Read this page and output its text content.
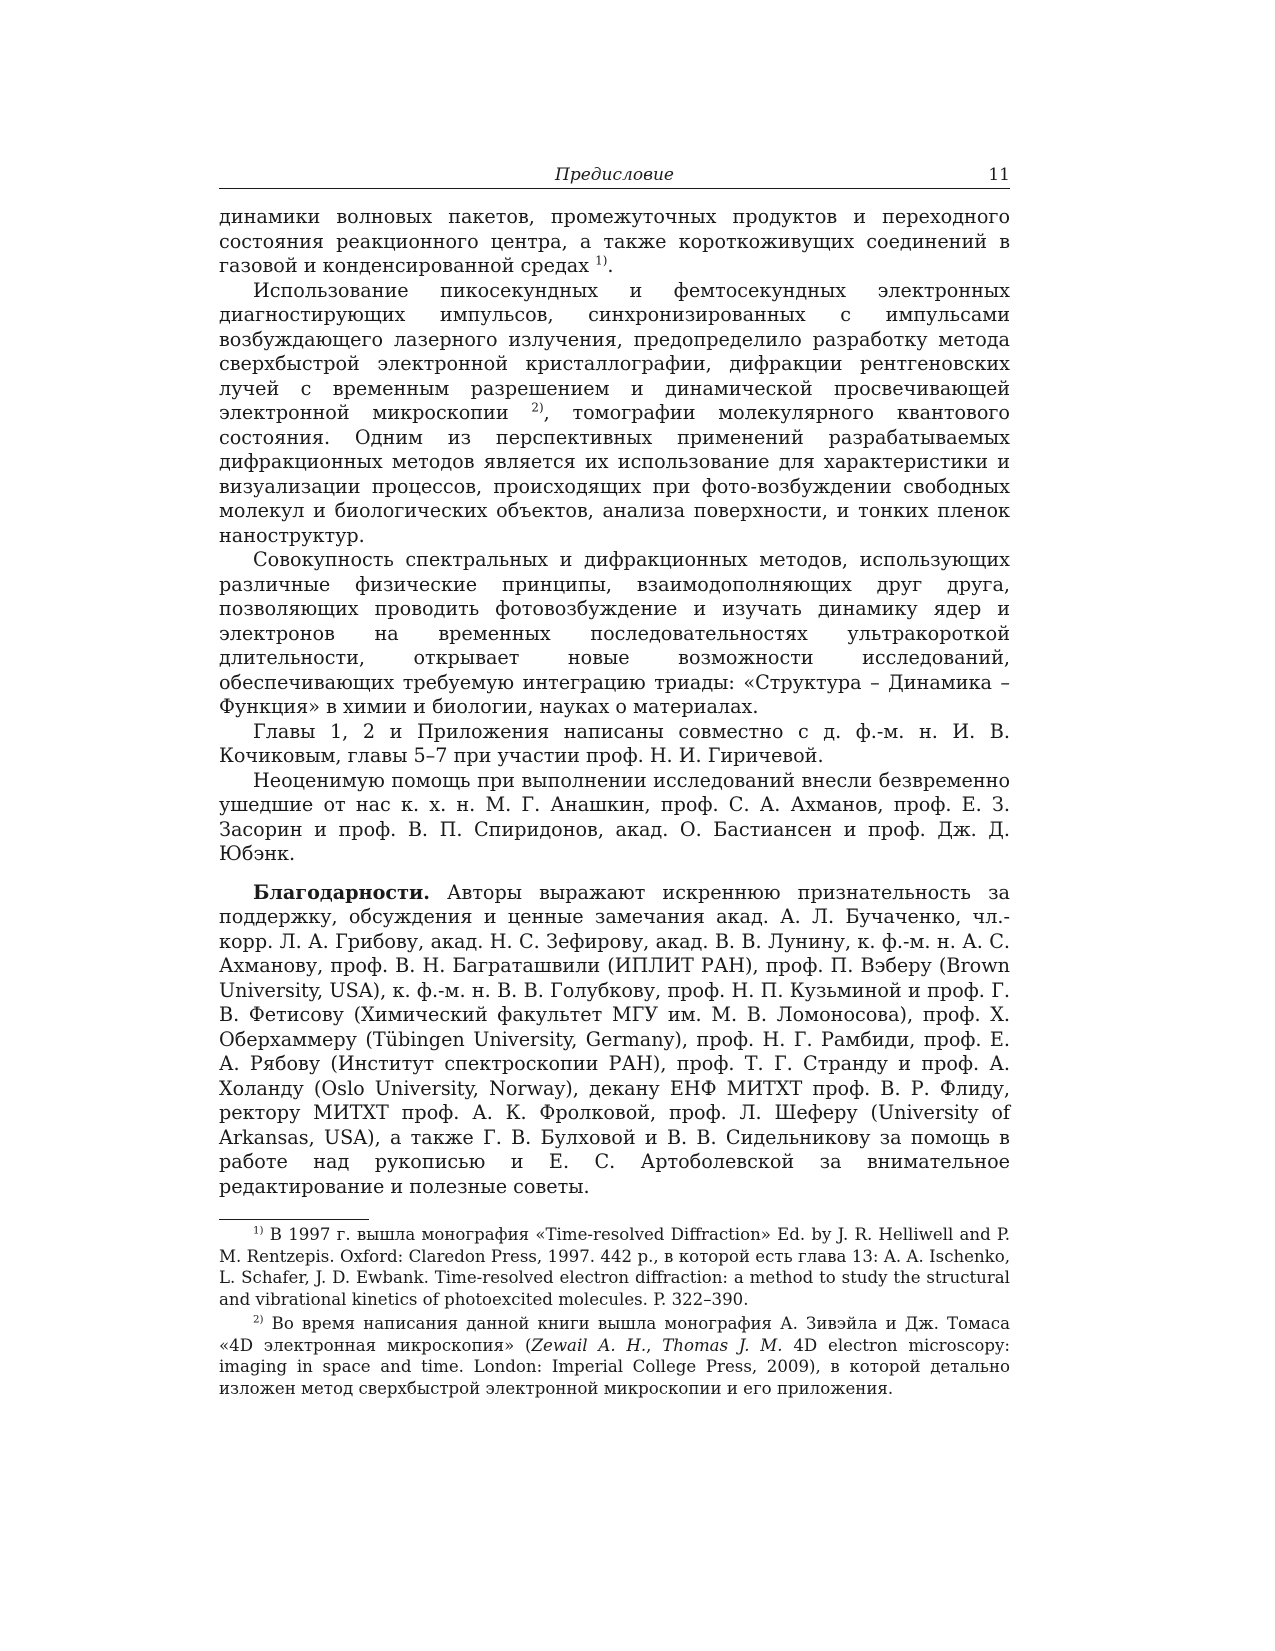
Предисловие	11

динамики волновых пакетов, промежуточных продуктов и переходного состояния реакционного центра, а также короткоживущих соединений в газовой и конденсированной средах $^{1)}$.

Использование пикосекундных и фемтосекундных электронных диагностирующих импульсов, синхронизированных с импульсами возбуждающего лазерного излучения, предопределило разработку метода сверхбыстрой электронной кристаллографии, дифракции рентгеновских лучей с временным разрешением и динамической просвечивающей электронной микроскопии $^{2)}$, томографии молекулярного квантового состояния. Одним из перспективных применений разрабатываемых дифракционных методов является их использование для характеристики и визуализации процессов, происходящих при фото-возбуждении свободных молекул и биологических объектов, анализа поверхности, и тонких пленок наноструктур.

Совокупность спектральных и дифракционных методов, использующих различные физические принципы, взаимодополняющих друг друга, позволяющих проводить фотовозбуждение и изучать динамику ядер и электронов на временных последовательностях ультракороткой длительности, открывает новые возможности исследований, обеспечивающих требуемую интеграцию триады: «Структура – Динамика – Функция» в химии и биологии, науках о материалах.

Главы 1, 2 и Приложения написаны совместно с д. ф.-м. н. И. В. Кочиковым, главы 5–7 при участии проф. Н. И. Гиричевой.

Неоценимую помощь при выполнении исследований внесли безвременно ушедшие от нас к. х. н. М. Г. Анашкин, проф. С. А. Ахманов, проф. Е. З. Засорин и проф. В. П. Спиридонов, акад. О. Бастиансен и проф. Дж. Д. Юбэнк.

Благодарности. Авторы выражают искреннюю признательность за поддержку, обсуждения и ценные замечания акад. А. Л. Бучаченко, чл.-корр. Л. А. Грибову, акад. Н. С. Зефирову, акад. В. В. Лунину, к. ф.-м. н. А. С. Ахманову, проф. В. Н. Баграташвили (ИПЛИТ РАН), проф. П. Вэберу (Brown University, USA), к. ф.-м. н. В. В. Голубкову, проф. Н. П. Кузьминой и проф. Г. В. Фетисову (Химический факультет МГУ им. М. В. Ломоносова), проф. Х. Оберхаммеру (Tübingen University, Germany), проф. Н. Г. Рамбиди, проф. Е. А. Рябову (Институт спектроскопии РАН), проф. Т. Г. Странду и проф. А. Холанду (Oslo University, Norway), декану ЕНФ МИТХТ проф. В. Р. Флиду, ректору МИТХТ проф. А. К. Фролковой, проф. Л. Шеферу (University of Arkansas, USA), а также Г. В. Булховой и В. В. Сидельникову за помощь в работе над рукописью и Е. С. Артоболевской за внимательное редактирование и полезные советы.

$^{1)}$ В 1997 г. вышла монография «Time-resolved Diffraction» Ed. by J. R. Helliwell and P. M. Rentzepis. Oxford: Claredon Press, 1997. 442 p., в которой есть глава 13: A. A. Ischenko, L. Schafer, J. D. Ewbank. Time-resolved electron diffraction: a method to study the structural and vibrational kinetics of photoexcited molecules. P. 322–390.

$^{2)}$ Во время написания данной книги вышла монография А. Зивэйла и Дж. Томаса «4D электронная микроскопия» (Zewail A. H., Thomas J. M. 4D electron microscopy: imaging in space and time. London: Imperial College Press, 2009), в которой детально изложен метод сверхбыстрой электронной микроскопии и его приложения.
